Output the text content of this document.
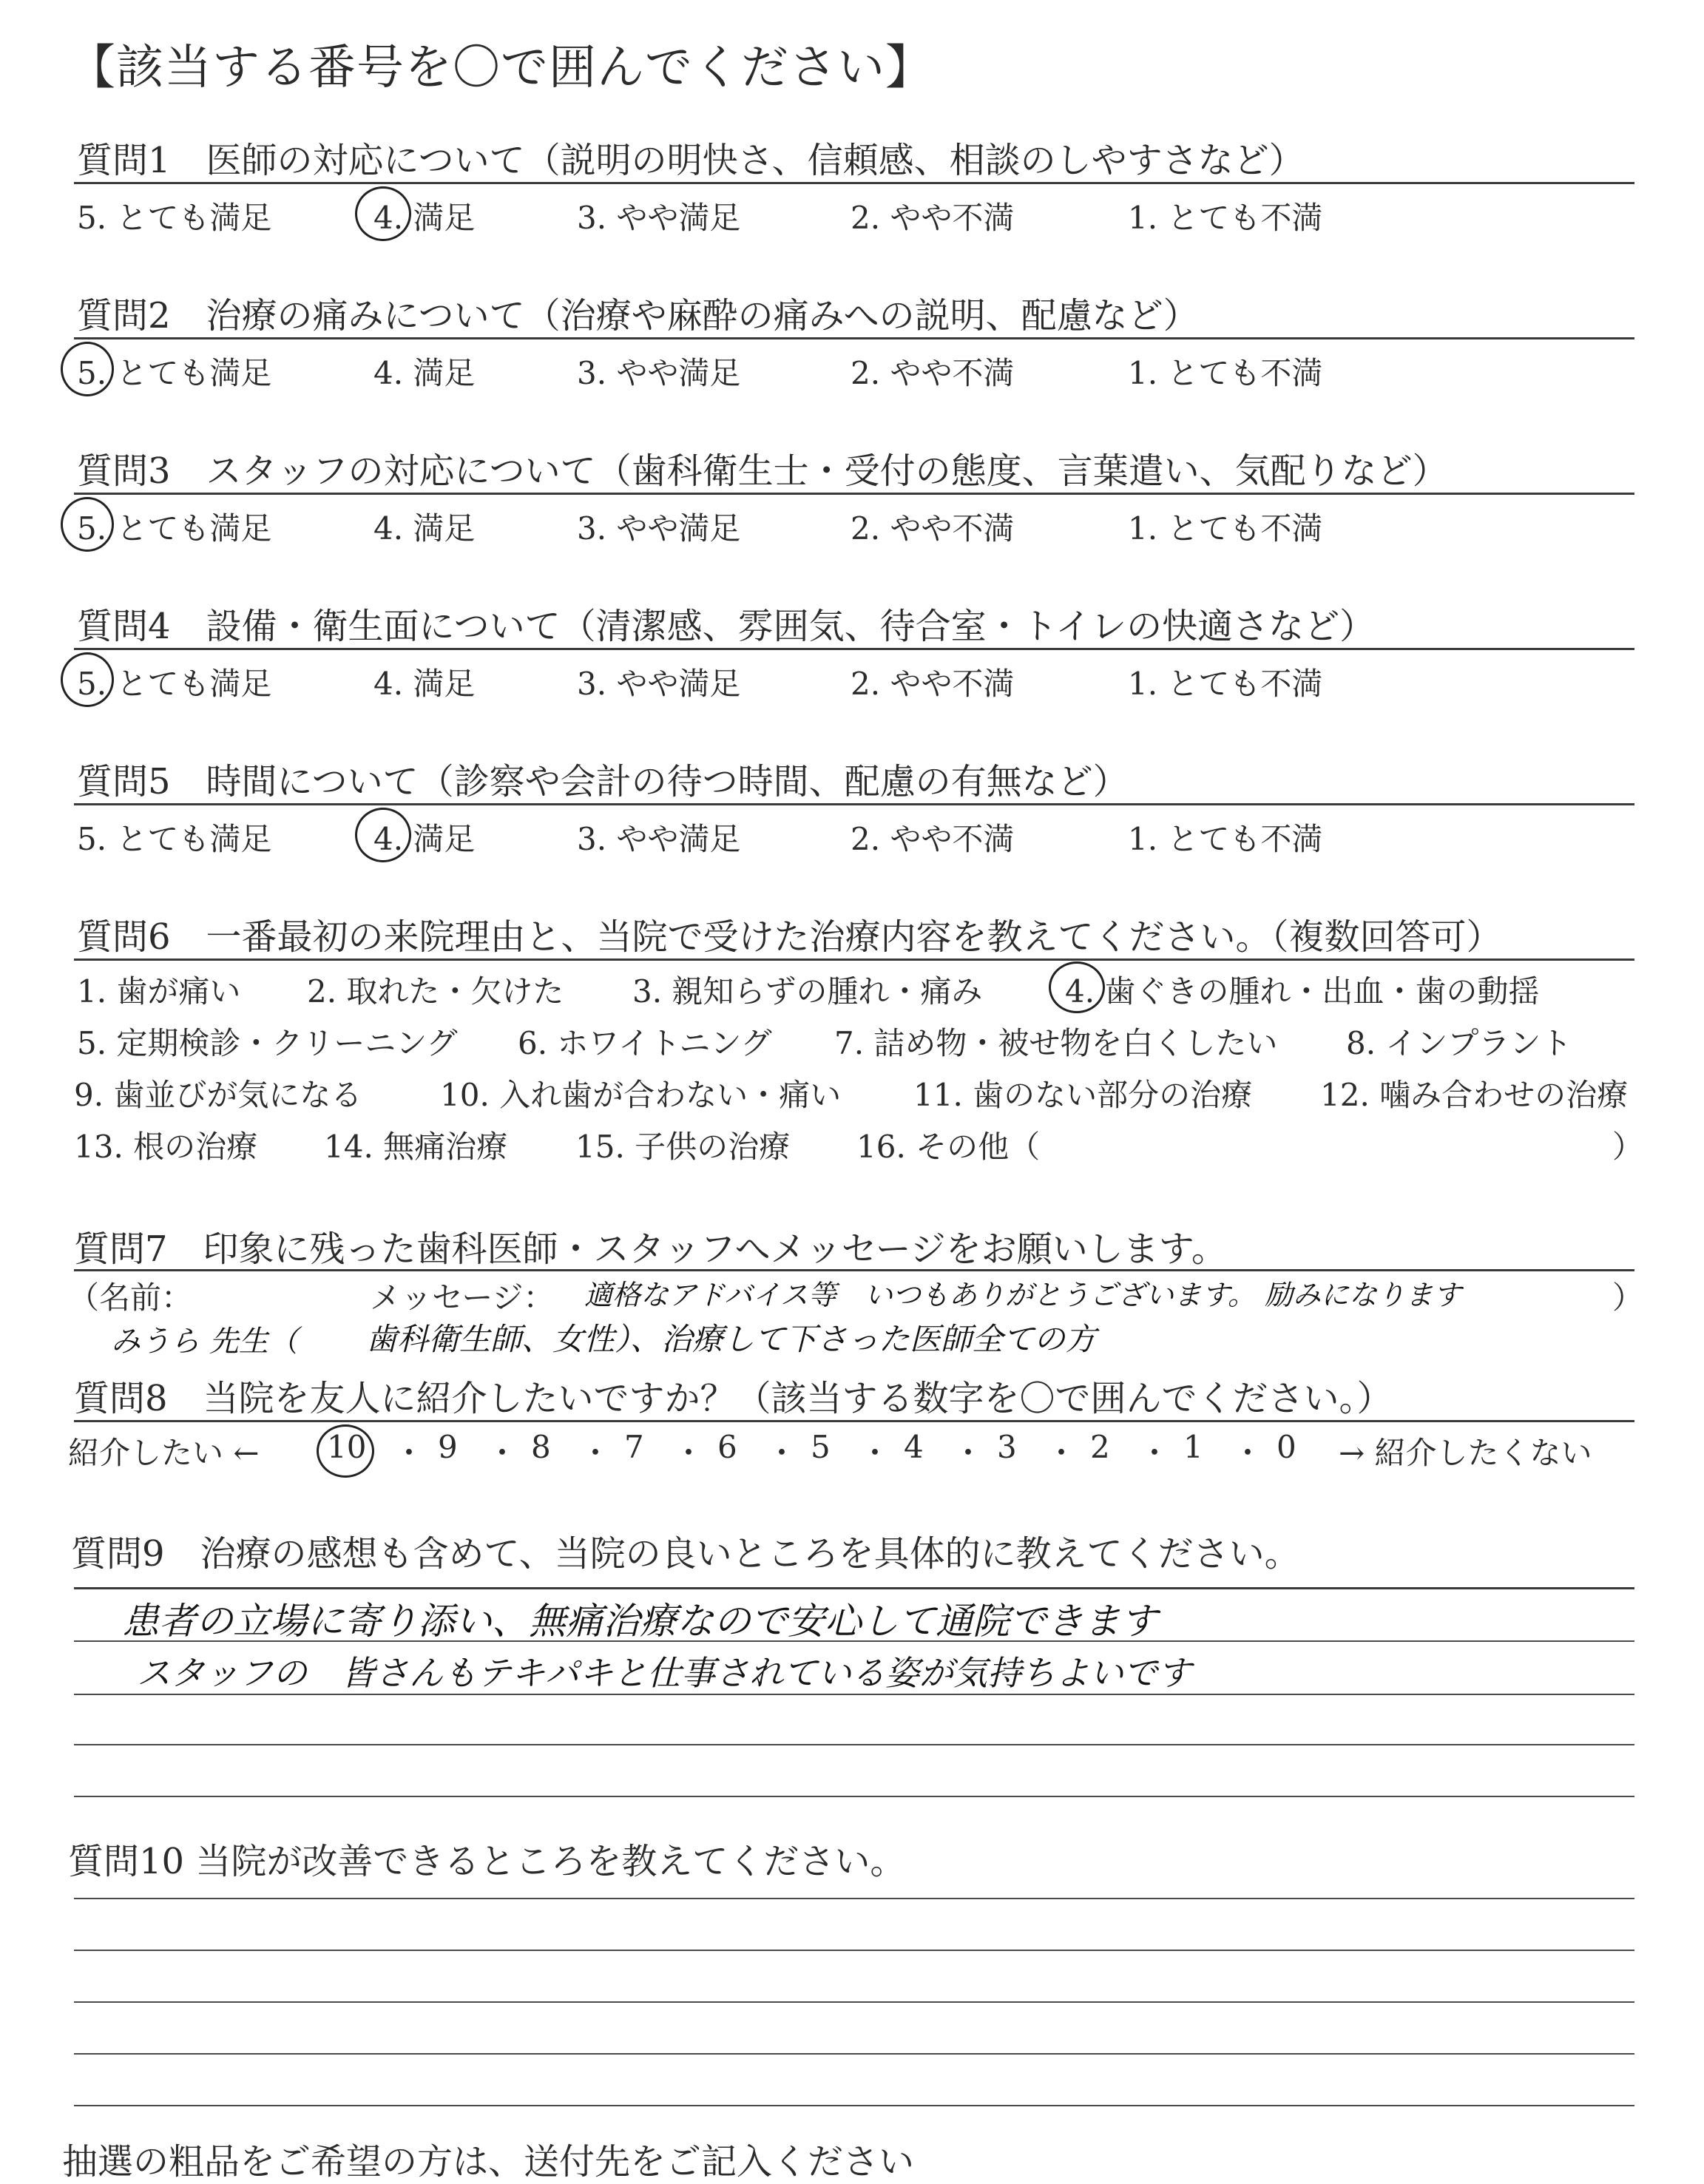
【該当する番号を〇で囲んでください】
質問1　医師の対応について（説明の明快さ、信頼感、相談のしやすさなど）
5. とても満足	4. 満足	3. やや満足	2. やや不満	1. とても不満
質問2　治療の痛みについて（治療や麻酔の痛みへの説明、配慮など）
5. とても満足	4. 満足	3. やや満足	2. やや不満	1. とても不満
質問3　スタッフの対応について（歯科衛生士・受付の態度、言葉遣い、気配りなど）
5. とても満足	4. 満足	3. やや満足	2. やや不満	1. とても不満
質問4　設備・衛生面について（清潔感、雰囲気、待合室・トイレの快適さなど）
5. とても満足	4. 満足	3. やや満足	2. やや不満	1. とても不満
質問5　時間について（診察や会計の待つ時間、配慮の有無など）
5. とても満足	4. 満足	3. やや満足	2. やや不満	1. とても不満
質問6　一番最初の来院理由と、当院で受けた治療内容を教えてください。（複数回答可）
1. 歯が痛い 2. 取れた・欠けた 3. 親知らずの腫れ・痛み	4. 歯ぐきの腫れ・出血・歯の動揺
5. 定期検診・クリーニング 6. ホワイトニング 7. 詰め物・被せ物を白くしたい 8. インプラント
9. 歯並びが気になる	10. 入れ歯が合わない・痛い 11. 歯のない部分の治療 12. 噛み合わせの治療
13. 根の治療 14. 無痛治療 15. 子供の治療 16. その他（	）
質問7　印象に残った歯科医師・スタッフへメッセージをお願いします。
（名前：	メッセージ：	）
適格なアドバイス等　いつもありがとうございます。 励みになります
みうら 先生（ 歯科衛生師、女性）、治療して下さった医師全ての方
質問8　当院を友人に紹介したいですか？（該当する数字を〇で囲んでください。）
紹介したい ←	→ 紹介したくない
10 ・ 9 ・ 8 ・ 7 ・ 6 ・ 5 ・ 4 ・ 3 ・ 2 ・ 1 ・ 0
質問9　治療の感想も含めて、当院の良いところを具体的に教えてください。
患者の立場に寄り添い、無痛治療なので安心して通院できます
スタッフの　皆さんもテキパキと仕事されている姿が気持ちよいです
質問10 当院が改善できるところを教えてください。
抽選の粗品をご希望の方は、送付先をご記入ください
